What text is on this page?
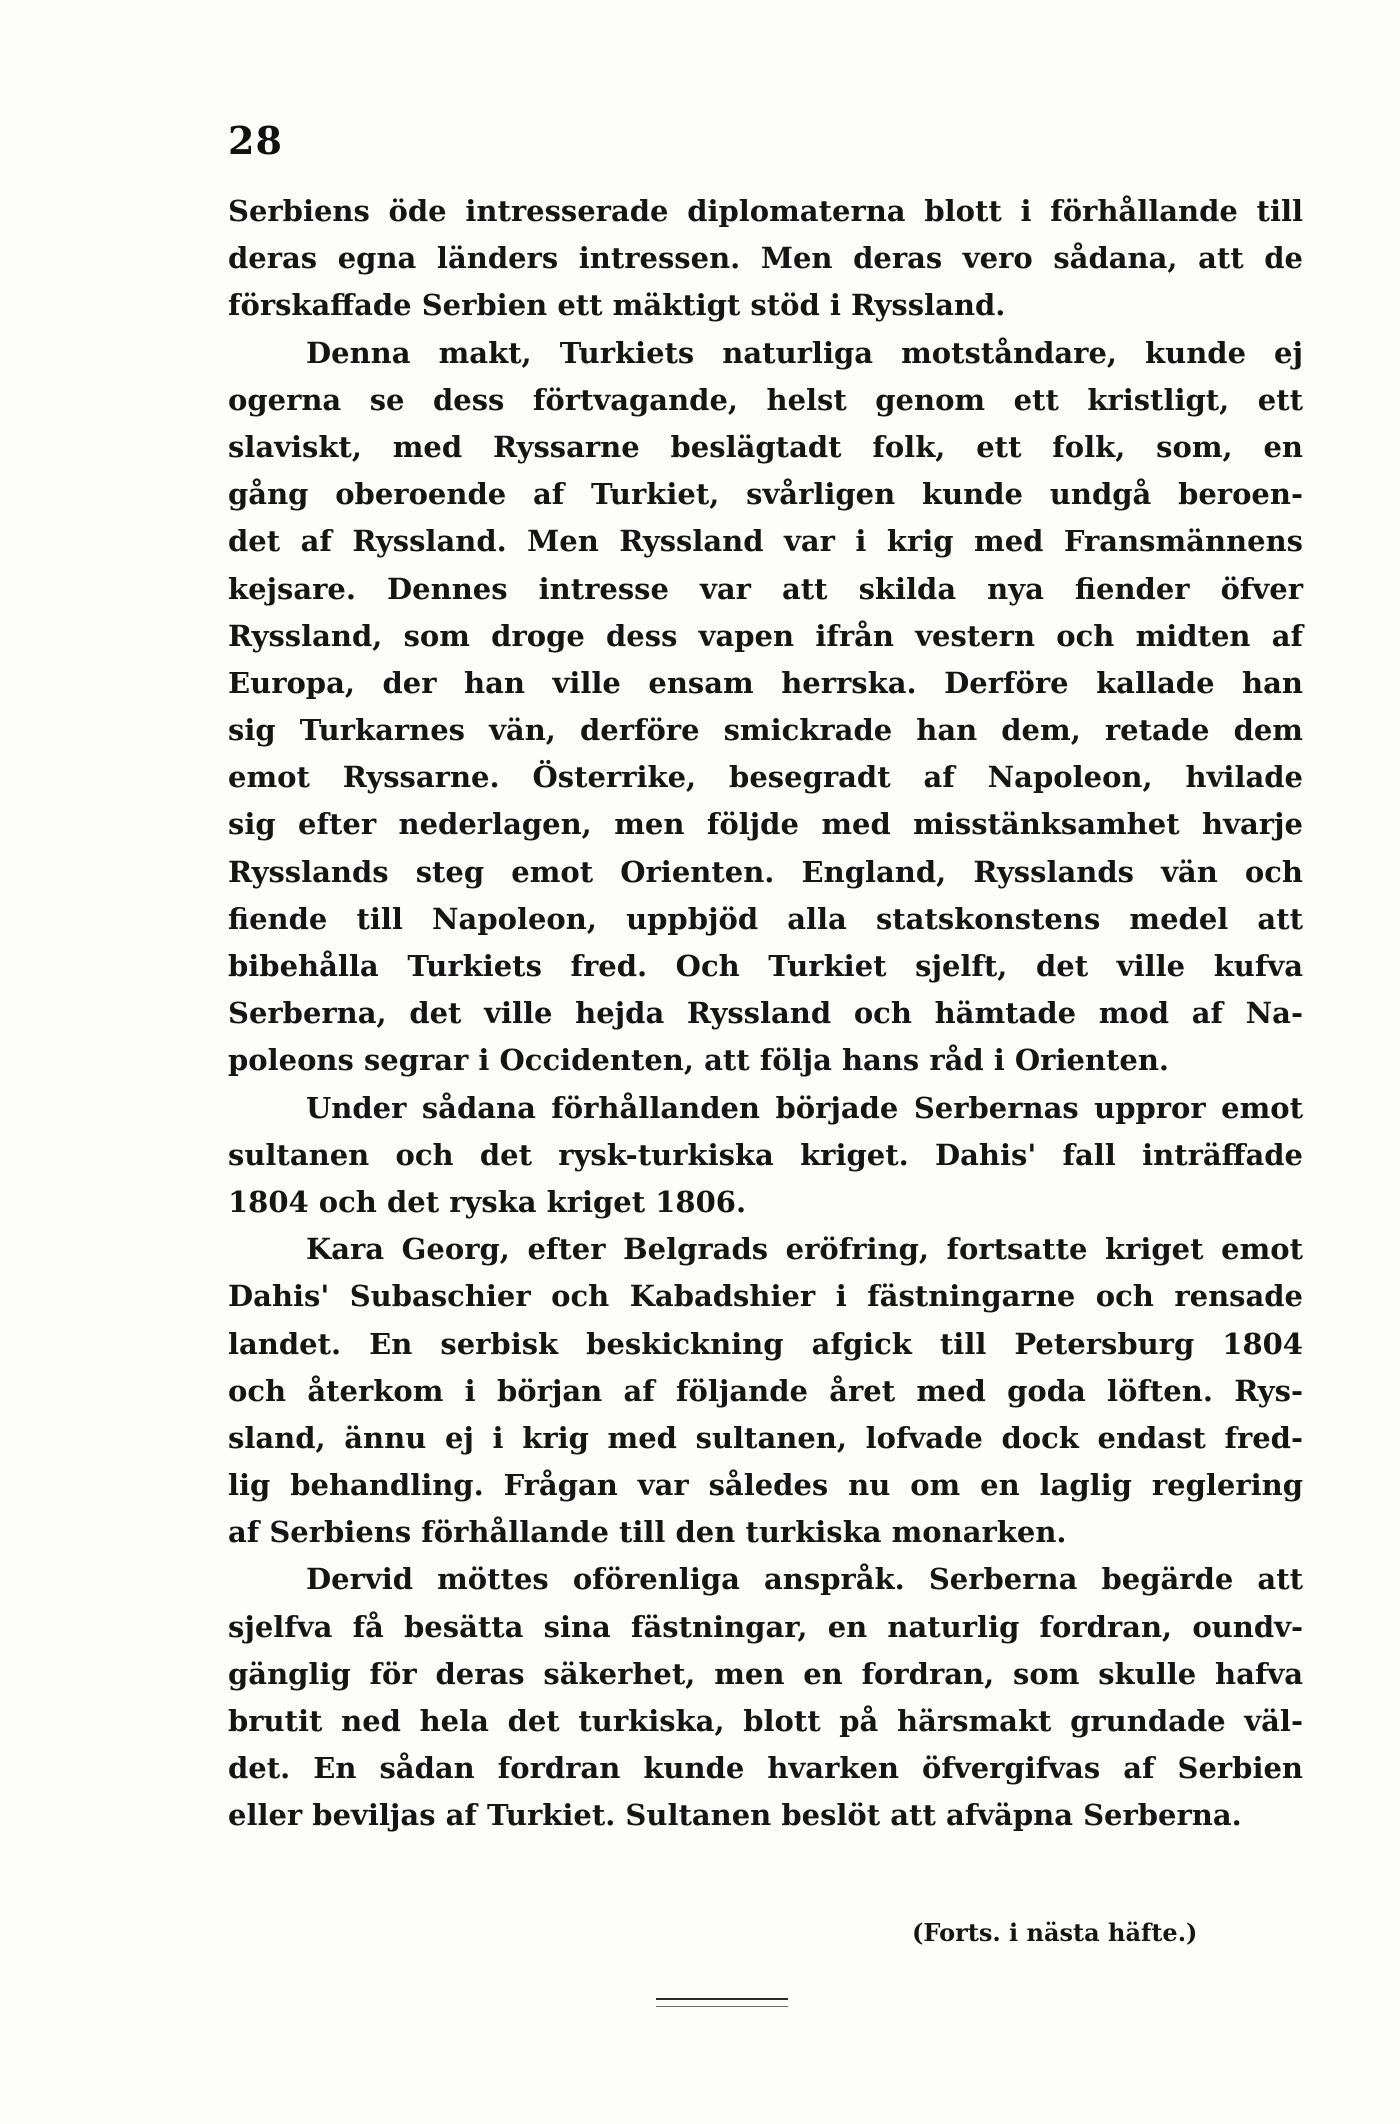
28
Serbiens öde intresserade diplomaterna blott i förhållande till
deras egna länders intressen. Men deras vero sådana, att de
förskaffade Serbien ett mäktigt stöd i Ryssland.
Denna makt, Turkiets naturliga motståndare, kunde ej
ogerna se dess förtvagande, helst genom ett kristligt, ett
slaviskt, med Ryssarne beslägtadt folk, ett folk, som, en
gång oberoende af Turkiet, svårligen kunde undgå beroen-
det af Ryssland. Men Ryssland var i krig med Fransmännens
kejsare. Dennes intresse var att skilda nya fiender öfver
Ryssland, som droge dess vapen ifrån vestern och midten af
Europa, der han ville ensam herrska. Derföre kallade han
sig Turkarnes vän, derföre smickrade han dem, retade dem
emot Ryssarne. Österrike, besegradt af Napoleon, hvilade
sig efter nederlagen, men följde med misstänksamhet hvarje
Rysslands steg emot Orienten. England, Rysslands vän och
fiende till Napoleon, uppbjöd alla statskonstens medel att
bibehålla Turkiets fred. Och Turkiet sjelft, det ville kufva
Serberna, det ville hejda Ryssland och hämtade mod af Na-
poleons segrar i Occidenten, att följa hans råd i Orienten.
Under sådana förhållanden började Serbernas uppror emot
sultanen och det rysk-turkiska kriget. Dahis' fall inträffade
1804 och det ryska kriget 1806.
Kara Georg, efter Belgrads eröfring, fortsatte kriget emot
Dahis' Subaschier och Kabadshier i fästningarne och rensade
landet. En serbisk beskickning afgick till Petersburg 1804
och återkom i början af följande året med goda löften. Rys-
sland, ännu ej i krig med sultanen, lofvade dock endast fred-
lig behandling. Frågan var således nu om en laglig reglering
af Serbiens förhållande till den turkiska monarken.
Dervid möttes oförenliga anspråk. Serberna begärde att
sjelfva få besätta sina fästningar, en naturlig fordran, oundv-
gänglig för deras säkerhet, men en fordran, som skulle hafva
brutit ned hela det turkiska, blott på härsmakt grundade väl-
det. En sådan fordran kunde hvarken öfvergifvas af Serbien
eller beviljas af Turkiet. Sultanen beslöt att afväpna Serberna.
(Forts. i nästa häfte.)
